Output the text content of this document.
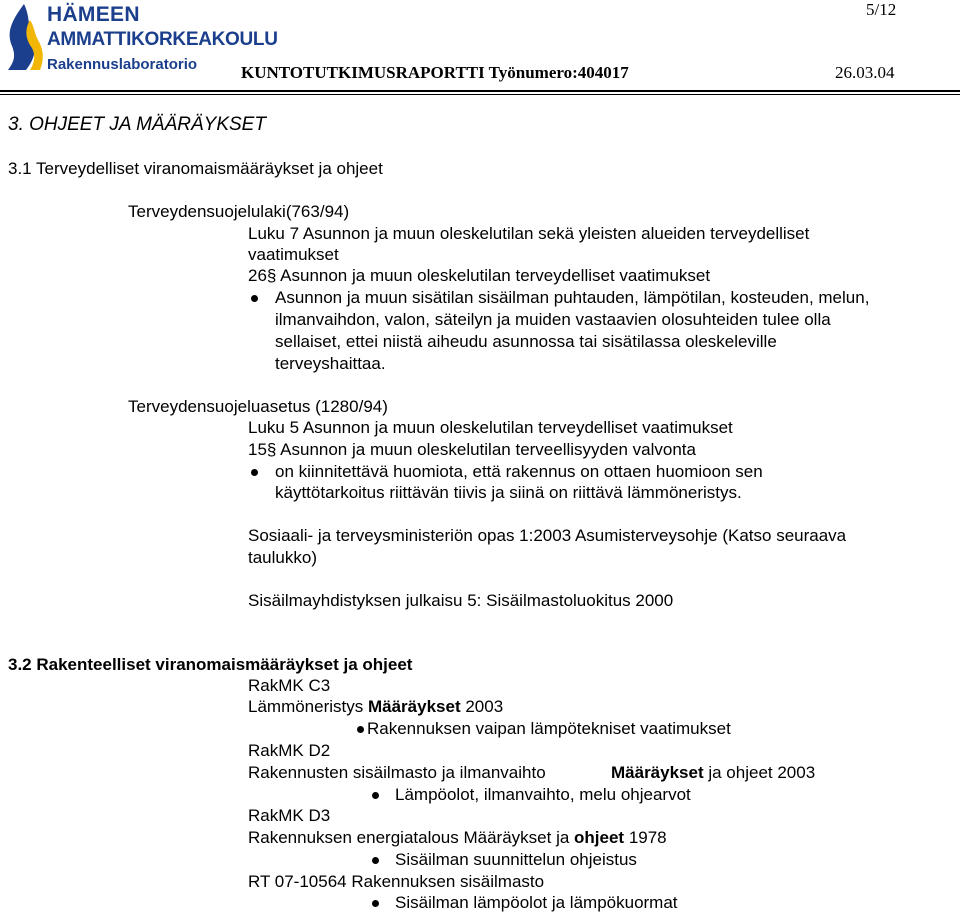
HÄMEEN
AMMATTIKORKEAKOULU
Rakennuslaboratorio
5/12
KUNTOTUTKIMUSRAPORTTI Työnumero:404017	26.03.04
3. OHJEET JA MÄÄRÄYKSET
3.1 Terveydelliset viranomaismääräykset ja ohjeet
Terveydensuojelulaki(763/94)
Luku 7 Asunnon ja muun oleskelutilan sekä yleisten alueiden terveydelliset
vaatimukset
26§ Asunnon ja muun oleskelutilan terveydelliset vaatimukset
Asunnon ja muun sisätilan sisäilman puhtauden, lämpötilan, kosteuden, melun,
ilmanvaihdon, valon, säteilyn ja muiden vastaavien olosuhteiden tulee olla
sellaiset, ettei niistä aiheudu asunnossa tai sisätilassa oleskeleville
terveyshaittaa.
Terveydensuojeluasetus (1280/94)
Luku 5 Asunnon ja muun oleskelutilan terveydelliset vaatimukset
15§ Asunnon ja muun oleskelutilan terveellisyyden valvonta
on kiinnitettävä huomiota, että rakennus on ottaen huomioon sen
käyttötarkoitus riittävän tiivis ja siinä on riittävä lämmöneristys.
Sosiaali- ja terveysministeriön opas 1:2003 Asumisterveysohje (Katso seuraava
taulukko)
Sisäilmayhdistyksen julkaisu 5: Sisäilmastoluokitus 2000
3.2 Rakenteelliset viranomaismääräykset ja ohjeet
RakMK C3
Lämmöneristys Määräykset 2003
Rakennuksen vaipan lämpötekniset vaatimukset
RakMK D2
Rakennusten sisäilmasto ja ilmanvaihto	Määräykset ja ohjeet 2003
Lämpöolot, ilmanvaihto, melu ohjearvot
RakMK D3
Rakennuksen energiatalous Määräykset ja ohjeet 1978
Sisäilman suunnittelun ohjeistus
RT 07-10564 Rakennuksen sisäilmasto
Sisäilman lämpöolot ja lämpökuormat
